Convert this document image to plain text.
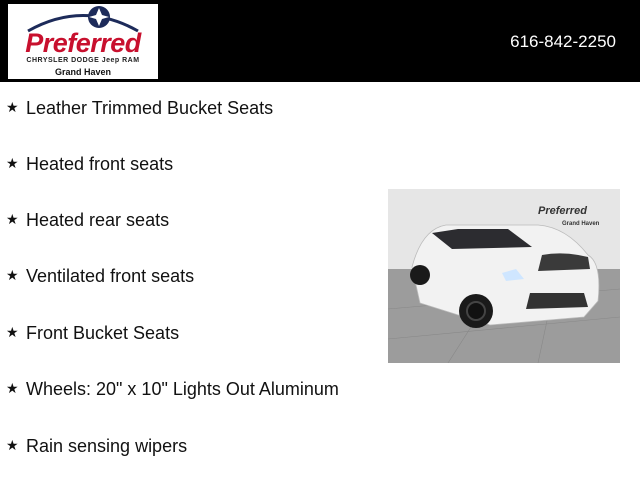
Preferred
CHRYSLER DODGE Jeep RAM
Grand Haven
616-842-2250
★ Leather Trimmed Bucket Seats
★ Heated front seats
★ Heated rear seats
★ Ventilated front seats
★ Front Bucket Seats
★ Wheels: 20" x 10" Lights Out Aluminum
★ Rain sensing wipers
Preferred
Grand Haven
